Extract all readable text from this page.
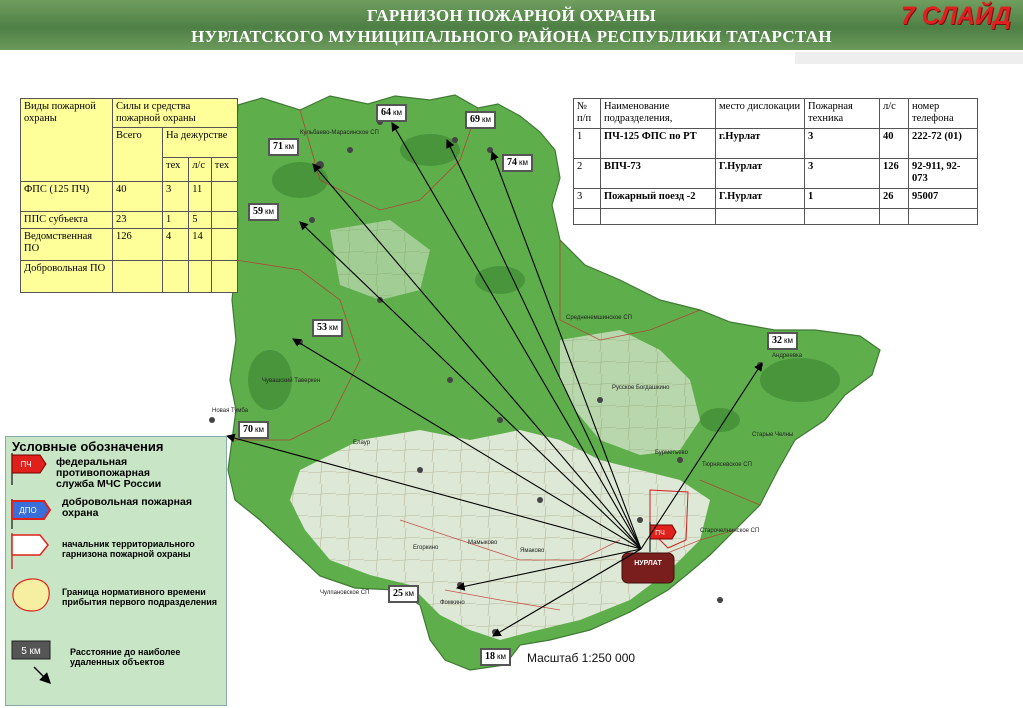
ГАРНИЗОН ПОЖАРНОЙ ОХРАНЫ
НУРЛАТСКОГО МУНИЦИПАЛЬНОГО РАЙОНА РЕСПУБЛИКИ ТАТАРСТАН
7 СЛАЙД
НУРЛАТ
ПЧ
Кульбаево-Марасинское СП
Средненемшинское СП
Андреевка
Русское Богдашкино
Чувашский Таверкен
Новая Тумба
Елаур
Чулпановское СП
Егоркино
Фомкино
Старочелнинское СП
Мамыково
Старые Челны
Бурметьево
Тюрнясевское СП
Ямаково
64 км
69 км
71 км
74 км
59 км
53 км
32 км
70 км
25 км
18 км	Масштаб 1:250 000
Виды пожарной охраны	Силы и средства пожарной охраны			
	Всего	На дежурстве		
		тех	л/с	тех
ФПС (125 ПЧ)	40	3	11	
ППС субъекта	23	1	5	
Ведомственная ПО	126	4	14	
Добровольная ПО				
№ п/п	Наименование подразделения,	место дислокации	Пожарная техника	л/с	номер телефона
1	ПЧ-125 ФПС по РТ	г.Нурлат	3	40	222-72 (01)
2	ВПЧ-73	Г.Нурлат	3	126	92-911, 92-073
3	Пожарный поезд -2	Г.Нурлат	1	26	95007

Условные обозначения
ПЧ
ДПО
5 км
федеральная противопожарная служба МЧС России
добровольная пожарная охрана
начальник территориального гарнизона пожарной охраны
Граница нормативного времени прибытия первого подразделения
Расстояние до наиболее удаленных объектов
